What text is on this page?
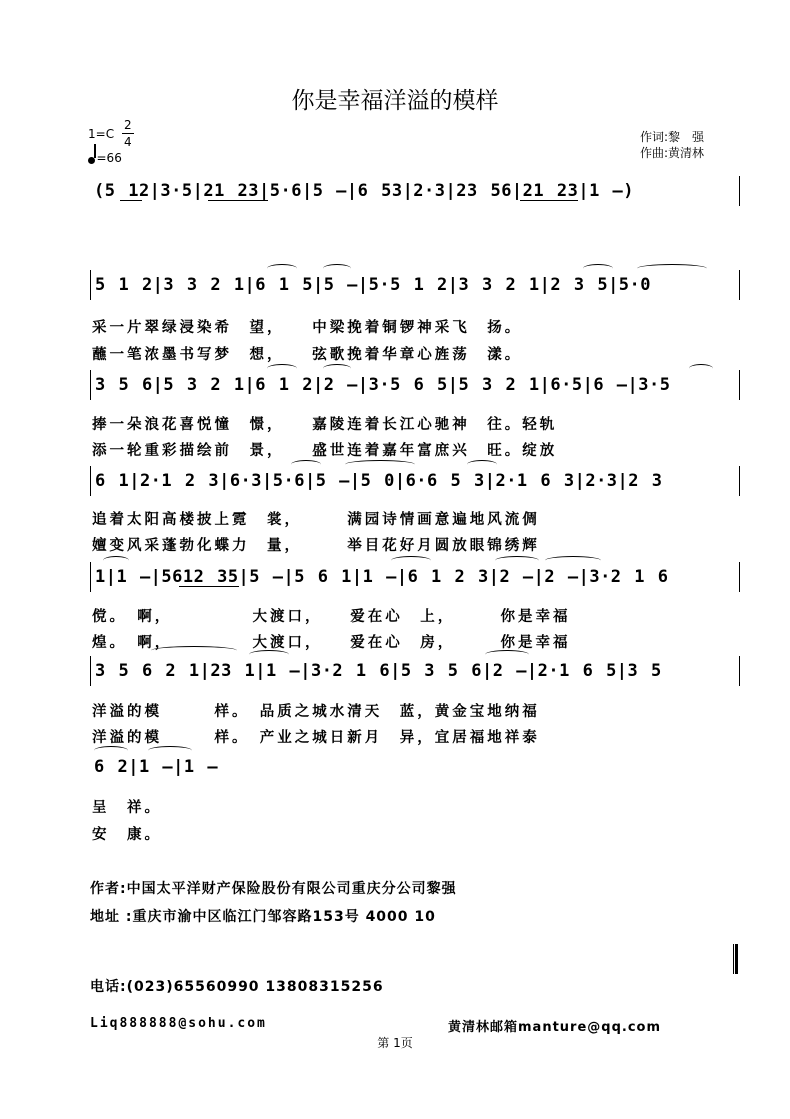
你是幸福洋溢的模样
1=C
2
4
=66
作词:黎　强
作曲:黄清林
(5 12|3·5|21 23|5·6|5 –|6 53|2·3|23 56|21 23|1 –)
5 1 2|3 3 2 1|6 1 5|5 –|5·5 1 2|3 3 2 1|2 3 5|5·0
采一片翠绿浸染希　望，　　中梁挽着铜锣神采飞　扬。
蘸一笔浓墨书写梦　想，　　弦歌挽着华章心旌荡　漾。
3 5 6|5 3 2 1|6 1 2|2 –|3·5 6 5|5 3 2 1|6·5|6 –|3·5
捧一朵浪花喜悦憧　憬，　　嘉陵连着长江心驰神　往。轻轨
添一轮重彩描绘前　景，　　盛世连着嘉年富庶兴　旺。绽放
6 1|2·1 2 3|6·3|5·6|5 –|5 0|6·6 5 3|2·1 6 3|2·3|2 3
追着太阳高楼披上霓　裳，　　　满园诗情画意遍地风流倜
嬗变风采蓬勃化蝶力　量，　　　举目花好月圆放眼锦绣辉
1|1 –|5612 35|5 –|5 6 1|1 –|6 1 2 3|2 –|2 –|3·2 1 6
傥。　啊，　　　　　大渡口，　　爱在心　上，　　　你是幸福
煌。　啊，　　　　　大渡口，　　爱在心　房，　　　你是幸福
3 5 6 2 1|23 1|1 –|3·2 1 6|5 3 5 6|2 –|2·1 6 5|3 5
洋溢的模　　　样。　品质之城水清天　蓝，黄金宝地纳福
洋溢的模　　　样。　产业之城日新月　异，宜居福地祥泰
6 2|1 –|1 –
呈　祥。
安　康。
作者:中国太平洋财产保险股份有限公司重庆分公司黎强
地址 :重庆市渝中区临江门邹容路153号 4000 10
电话:(023)65560990 13808315256
Liq888888@sohu.com	黄清林邮箱manture@qq.com
第 1页
